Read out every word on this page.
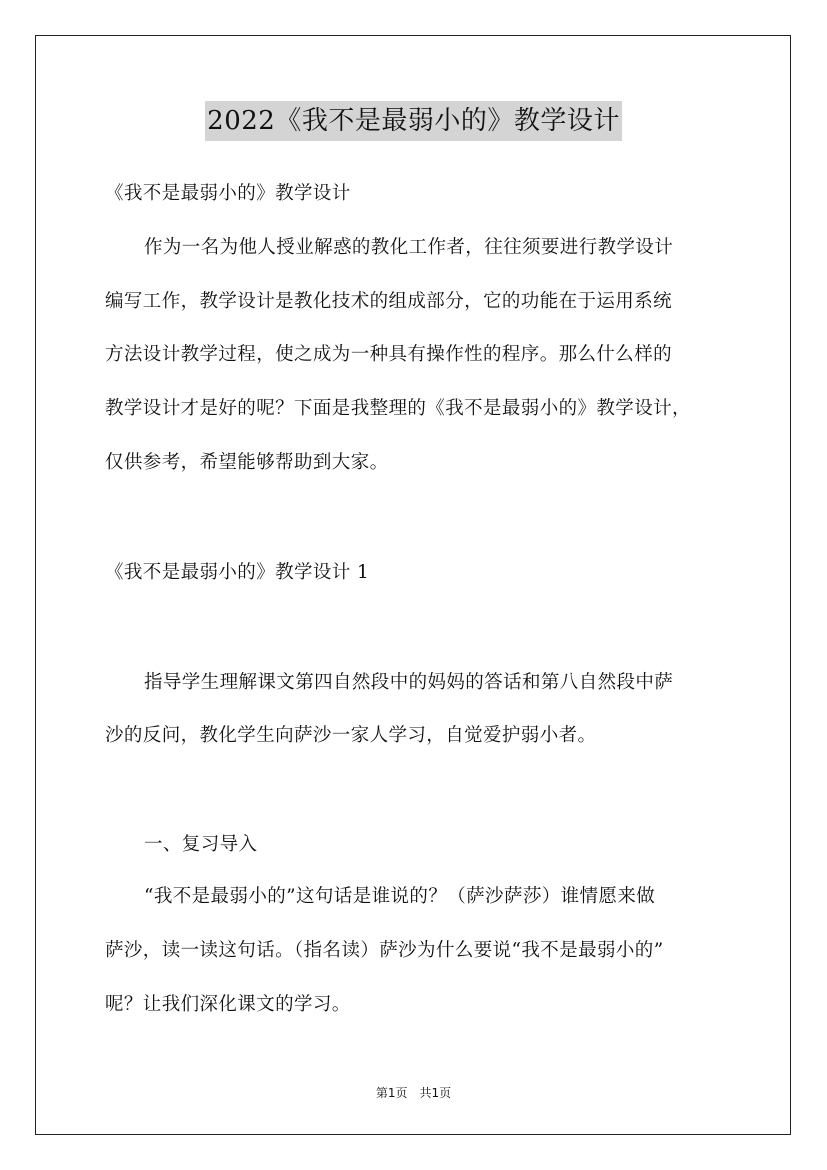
2022《我不是最弱小的》教学设计
《我不是最弱小的》教学设计
作为一名为他人授业解惑的教化工作者，往往须要进行教学设计
编写工作，教学设计是教化技术的组成部分，它的功能在于运用系统
方法设计教学过程，使之成为一种具有操作性的程序。那么什么样的
教学设计才是好的呢？下面是我整理的《我不是最弱小的》教学设计，
仅供参考，希望能够帮助到大家。
《我不是最弱小的》教学设计 1
指导学生理解课文第四自然段中的妈妈的答话和第八自然段中萨
沙的反问，教化学生向萨沙一家人学习，自觉爱护弱小者。
一、复习导入
“我不是最弱小的”这句话是谁说的？（萨沙萨莎）谁情愿来做
萨沙，读一读这句话。（指名读）萨沙为什么要说“我不是最弱小的”
呢？让我们深化课文的学习。
第1页 共1页
